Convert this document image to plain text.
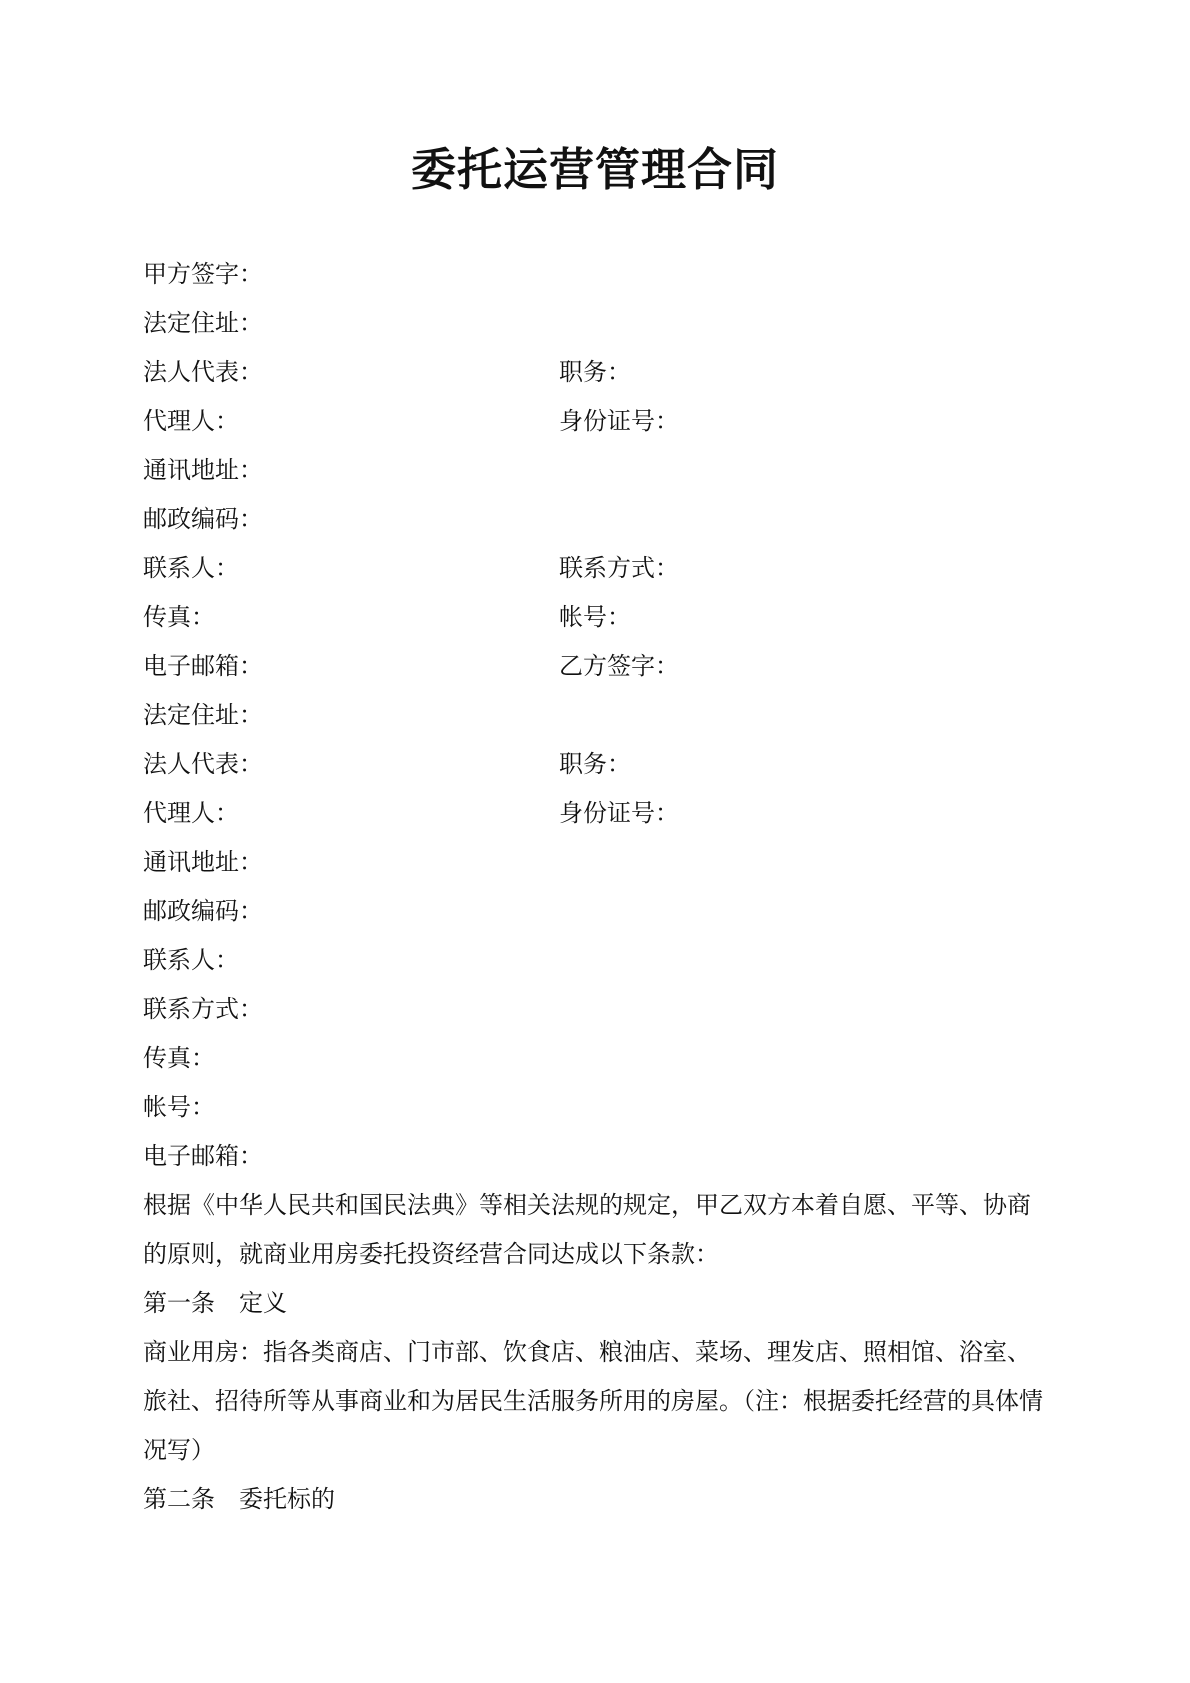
委托运营管理合同
甲方签字：
法定住址：
法人代表：	职务：
代理人：	身份证号：
通讯地址：
邮政编码：
联系人：	联系方式：
传真：	帐号：
电子邮箱：	乙方签字：
法定住址：
法人代表：	职务：
代理人：	身份证号：
通讯地址：
邮政编码：
联系人：
联系方式：
传真：
帐号：
电子邮箱：
根据《中华人民共和国民法典》等相关法规的规定，甲乙双方本着自愿、平等、协商的原则，就商业用房委托投资经营合同达成以下条款：
第一条　定义
商业用房：指各类商店、门市部、饮食店、粮油店、菜场、理发店、照相馆、浴室、旅社、招待所等从事商业和为居民生活服务所用的房屋。（注：根据委托经营的具体情况写）
第二条　委托标的
